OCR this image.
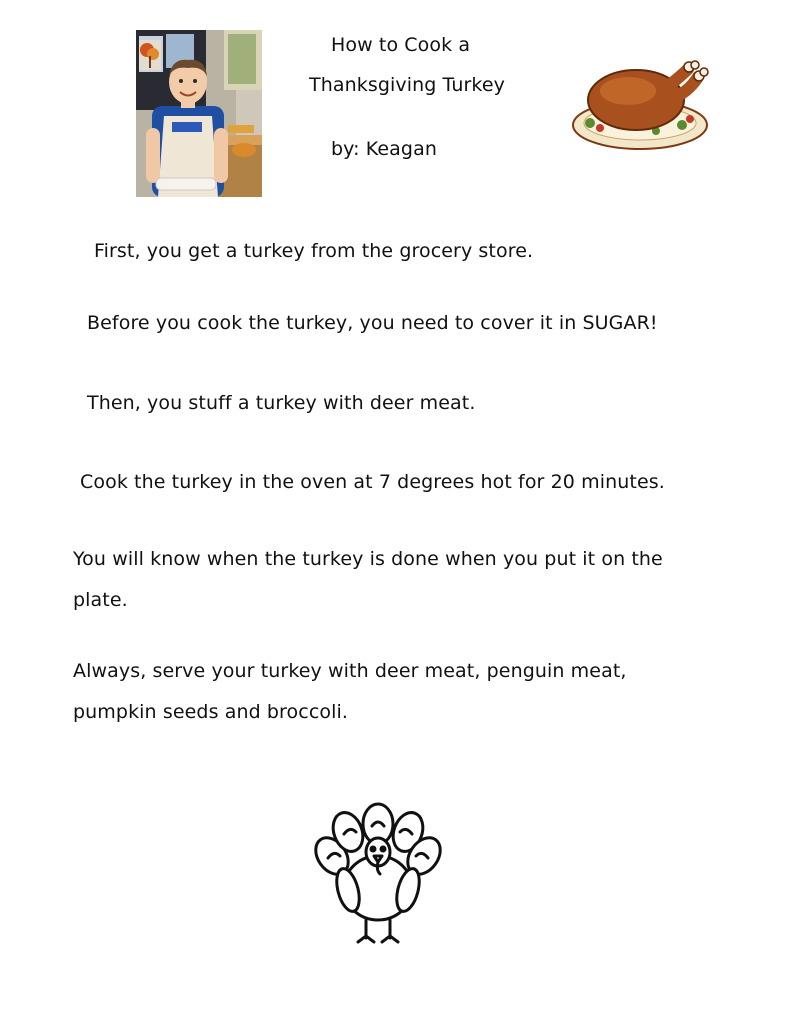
How to Cook a
Thanksgiving Turkey
by: Keagan
First, you get a turkey from the grocery store.
Before you cook the turkey, you need to cover it in SUGAR!
Then, you stuff a turkey with deer meat.
Cook the turkey in the oven at 7 degrees hot for 20 minutes.
You will know when the turkey is done when you put it on the
plate.
Always, serve your turkey with deer meat, penguin meat,
pumpkin seeds and broccoli.
